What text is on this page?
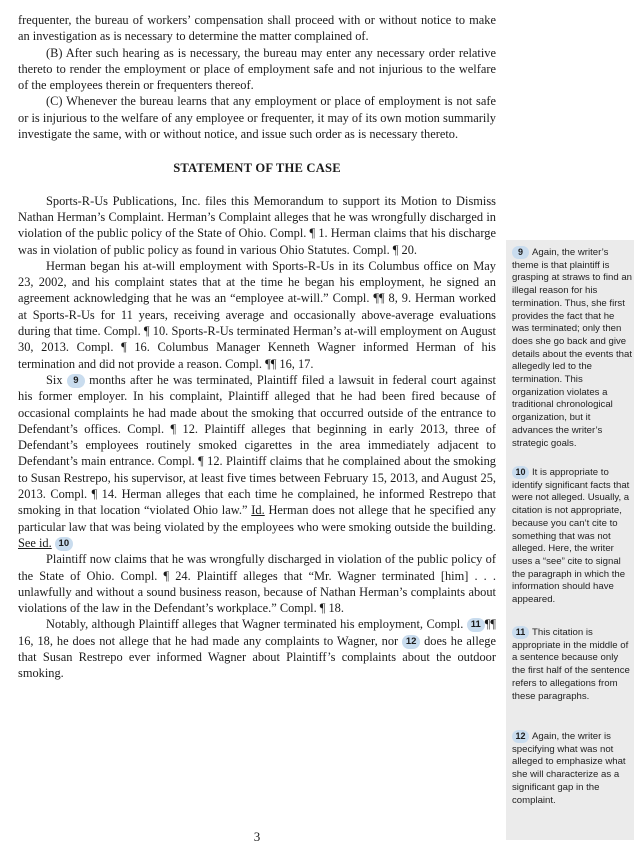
frequenter, the bureau of workers’ compensation shall proceed with or without notice to make an investigation as is necessary to determine the matter complained of.

(B) After such hearing as is necessary, the bureau may enter any necessary order relative thereto to render the employment or place of employment safe and not injurious to the welfare of the employees therein or frequenters thereof.

(C) Whenever the bureau learns that any employment or place of employment is not safe or is injurious to the welfare of any employee or frequenter, it may of its own motion summarily investigate the same, with or without notice, and issue such order as is necessary thereto.

STATEMENT OF THE CASE

Sports-R-Us Publications, Inc. files this Memorandum to support its Motion to Dismiss Nathan Herman’s Complaint. Herman’s Complaint alleges that he was wrongfully discharged in violation of the public policy of the State of Ohio. Compl. ¶ 1. Herman claims that his discharge was in violation of public policy as found in various Ohio Statutes. Compl. ¶ 20.

Herman began his at-will employment with Sports-R-Us in its Columbus office on May 23, 2002, and his complaint states that at the time he began his employment, he signed an agreement acknowledging that he was an “employee at-will.” Compl. ¶¶ 8, 9. Herman worked at Sports-R-Us for 11 years, receiving average and occasionally above-average evaluations during that time. Compl. ¶ 10. Sports-R-Us terminated Herman’s at-will employment on August 30, 2013. Compl. ¶ 16. Columbus Manager Kenneth Wagner informed Herman of his termination and did not provide a reason. Compl. ¶¶ 16, 17.

Six 9 months after he was terminated, Plaintiff filed a lawsuit in federal court against his former employer. In his complaint, Plaintiff alleged that he had been fired because of occasional complaints he had made about the smoking that occurred outside of the entrance to Defendant’s offices. Compl. ¶ 12. Plaintiff alleges that beginning in early 2013, three of Defendant’s employees routinely smoked cigarettes in the area immediately adjacent to Defendant’s main entrance. Compl. ¶ 12. Plaintiff claims that he complained about the smoking to Susan Restrepo, his supervisor, at least five times between February 15, 2013, and August 25, 2013. Compl. ¶ 14. Herman alleges that each time he complained, he informed Restrepo that smoking in that location “violated Ohio law.” Id. Herman does not allege that he specified any particular law that was being violated by the employees who were smoking outside the building. See id. 10

Plaintiff now claims that he was wrongfully discharged in violation of the public policy of the State of Ohio. Compl. ¶ 24. Plaintiff alleges that “Mr. Wagner terminated [him] . . . unlawfully and without a sound business reason, because of Nathan Herman’s complaints about violations of the law in the Defendant’s workplace.” Compl. ¶ 18.

Notably, although Plaintiff alleges that Wagner terminated his employment, Compl. 11 ¶¶ 16, 18, he does not allege that he had made any complaints to Wagner, nor 12 does he allege that Susan Restrepo ever informed Wagner about Plaintiff’s complaints about the outdoor smoking.

9 Again, the writer’s theme is that plaintiff is grasping at straws to find an illegal reason for his termination. Thus, she first provides the fact that he was terminated; only then does she go back and give details about the events that allegedly led to the termination. This organization violates a traditional chronological organization, but it advances the writer’s strategic goals.
10 It is appropriate to identify significant facts that were not alleged. Usually, a citation is not appropriate, because you can’t cite to something that was not alleged. Here, the writer uses a “see” cite to signal the paragraph in which the information should have appeared.
11 This citation is appropriate in the middle of a sentence because only the first half of the sentence refers to allegations from these paragraphs.
12 Again, the writer is specifying what was not alleged to emphasize what she will characterize as a significant gap in the complaint.
3
